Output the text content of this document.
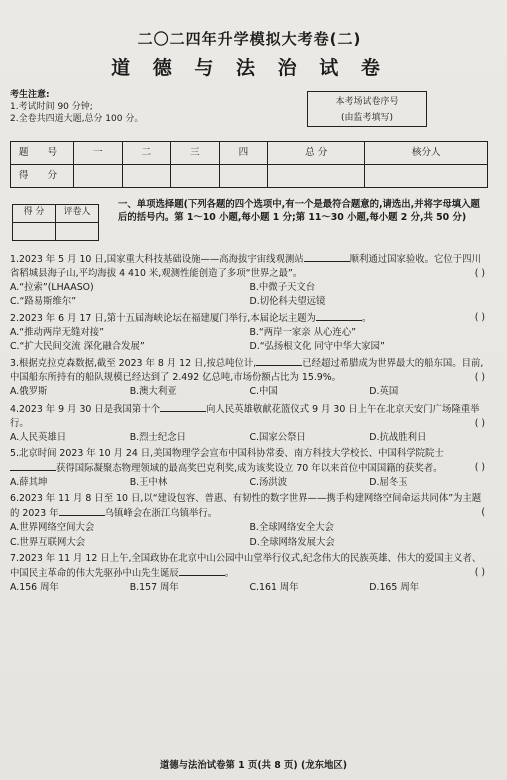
二〇二四年升学模拟大考卷(二)
道 德 与 法 治 试 卷
考生注意:
1.考试时间 90 分钟;
2.全卷共四道大题,总分 100 分。
本考场试卷序号
(由监考填写)
题 号	一	二	三	四	总 分	核分人
得 分						
得 分	评卷人

一、单项选择题(下列各题的四个选项中,有一个是最符合题意的,请选出,并将字母填入题后的括号内。第 1～10 小题,每小题 1 分;第 11～30 小题,每小题 2 分,共 50 分)
1.2023 年 5 月 10 日,国家重大科技基础设施——高海拔宇宙线观测站	顺利通过国家验收。它位于四川省稻城县海子山,平均海拔 4 410 米,观测性能创造了多项“世界之最”。	( )
A.“拉索”(LHAASO)	B.中微子天文台
C.“路易斯维尔”	D.切伦科夫望远镜
2.2023 年 6 月 17 日,第十五届海峡论坛在福建厦门举行,本届论坛主题为	。	( )
A.“推动两岸无缝对接”	B.“两岸一家亲 从心连心”
C.“扩大民间交流 深化融合发展”	D.“弘扬根文化 同守中华大家园”
3.根据克拉克森数据,截至 2023 年 8 月 12 日,按总吨位计,	已经超过希腊成为世界最大的船东国。目前,中国船东所持有的船队规模已经达到了 2.492 亿总吨,市场份额占比为 15.9%。	( )
A.俄罗斯	B.澳大利亚	C.中国	D.英国
4.2023 年 9 月 30 日是我国第十个	向人民英雄敬献花篮仪式 9 月 30 日上午在北京天安门广场隆重举行。	( )
A.人民英雄日	B.烈士纪念日	C.国家公祭日	D.抗战胜利日
5.北京时间 2023 年 10 月 24 日,美国物理学会宣布中国科协常委、南方科技大学校长、中国科学院院士获得国际凝聚态物理领域的最高奖巴克利奖,成为该奖设立 70 年以来首位中国国籍的获奖者。	( )
A.薛其坤	B.王中林	C.汤洪波	D.屈冬玉
6.2023 年 11 月 8 日至 10 日,以“建设包容、普惠、有韧性的数字世界——携手构建网络空间命运共同体”为主题的 2023 年	乌镇峰会在浙江乌镇举行。	(
A.世界网络空间大会	B.全球网络安全大会
C.世界互联网大会	D.全球网络发展大会
7.2023 年 11 月 12 日上午,全国政协在北京中山公园中山堂举行仪式,纪念伟大的民族英雄、伟大的爱国主义者、中国民主革命的伟大先驱孙中山先生诞辰	。	( )
A.156 周年	B.157 周年	C.161 周年	D.165 周年
道德与法治试卷第 1 页(共 8 页) (龙东地区)
